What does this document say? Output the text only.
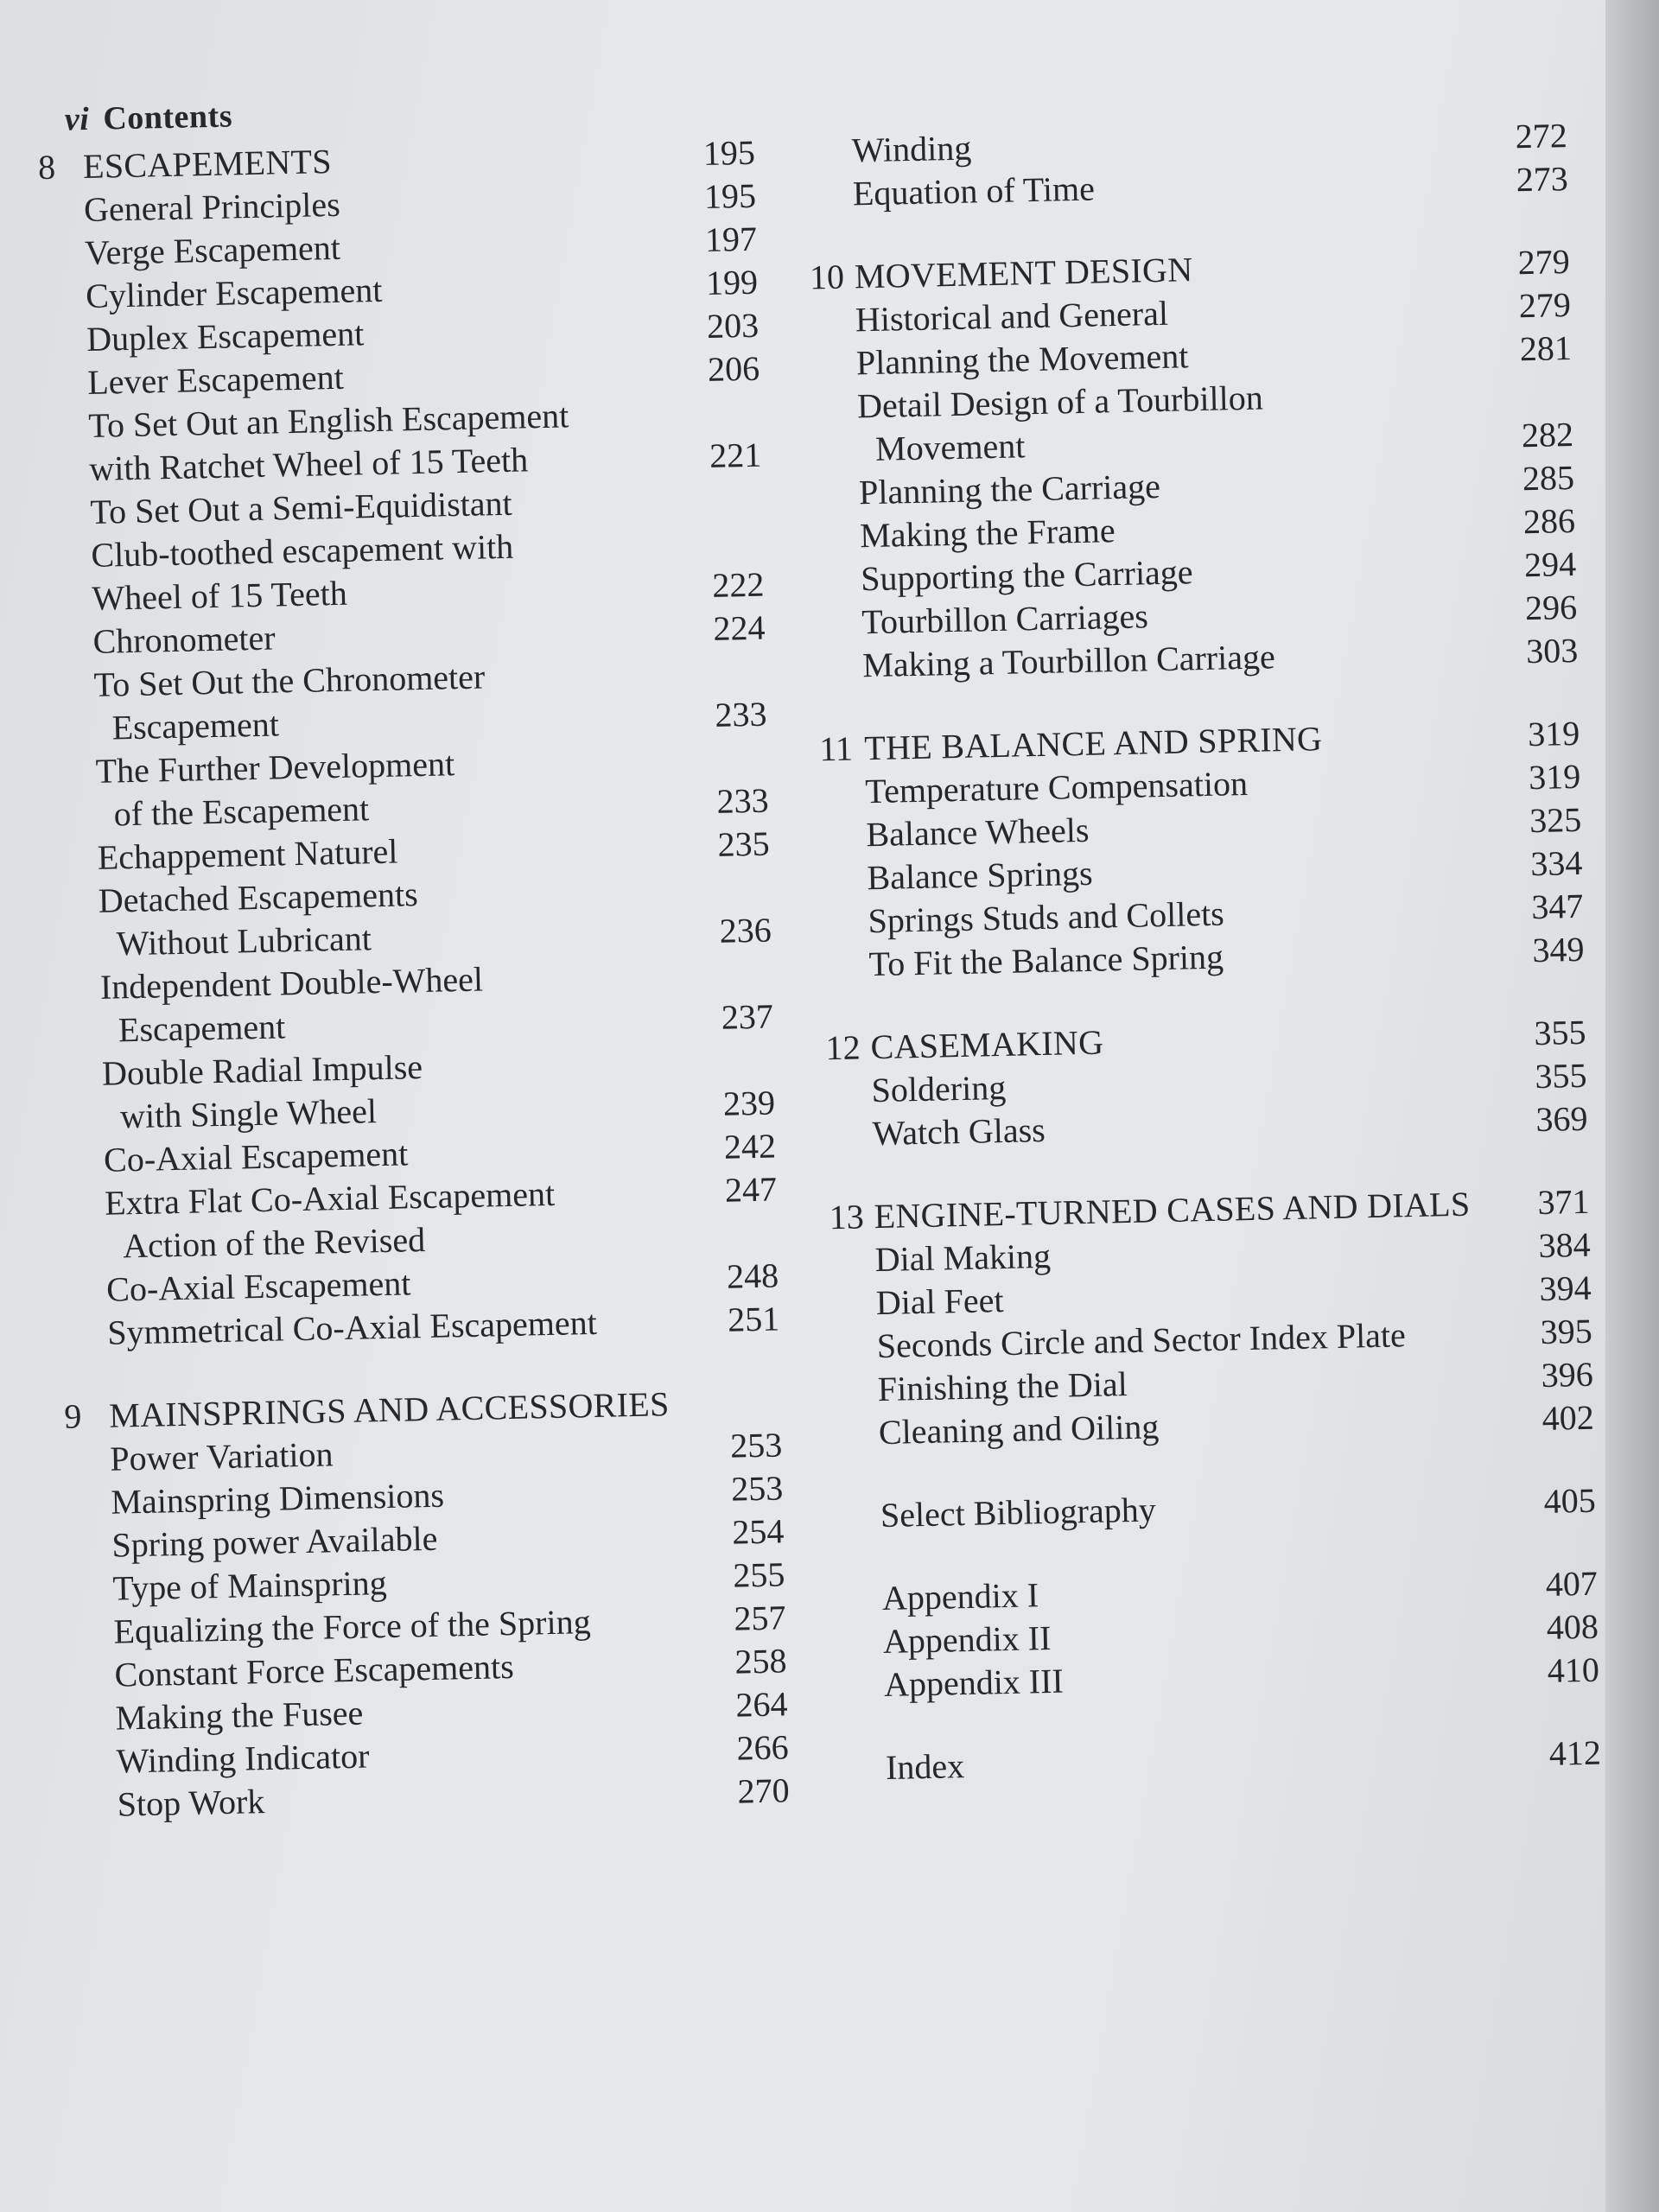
vi Contents
8 ESCAPEMENTS	195
General Principles	195
Verge Escapement	197
Cylinder Escapement	199
Duplex Escapement	203
Lever Escapement	206
To Set Out an English Escapement
with Ratchet Wheel of 15 Teeth	221
To Set Out a Semi-Equidistant
Club-toothed escapement with
Wheel of 15 Teeth	222
Chronometer	224
To Set Out the Chronometer
Escapement	233
The Further Development
of the Escapement	233
Echappement Naturel	235
Detached Escapements
Without Lubricant	236
Independent Double-Wheel
Escapement	237
Double Radial Impulse
with Single Wheel	239
Co-Axial Escapement	242
Extra Flat Co-Axial Escapement	247
Action of the Revised
Co-Axial Escapement	248
Symmetrical Co-Axial Escapement	251
9 MAINSPRINGS AND ACCESSORIES
Power Variation	253
Mainspring Dimensions	253
Spring power Available	254
Type of Mainspring	255
Equalizing the Force of the Spring	257
Constant Force Escapements	258
Making the Fusee	264
Winding Indicator	266
Stop Work	270
Winding	272
Equation of Time	273
10 MOVEMENT DESIGN	279
Historical and General	279
Planning the Movement	281
Detail Design of a Tourbillon
Movement	282
Planning the Carriage	285
Making the Frame	286
Supporting the Carriage	294
Tourbillon Carriages	296
Making a Tourbillon Carriage	303
11 THE BALANCE AND SPRING	319
Temperature Compensation	319
Balance Wheels	325
Balance Springs	334
Springs Studs and Collets	347
To Fit the Balance Spring	349
12 CASEMAKING	355
Soldering	355
Watch Glass	369
13 ENGINE-TURNED CASES AND DIALS	371
Dial Making	384
Dial Feet	394
Seconds Circle and Sector Index Plate	395
Finishing the Dial	396
Cleaning and Oiling	402
Select Bibliography	405
Appendix I	407
Appendix II	408
Appendix III	410
Index	412
